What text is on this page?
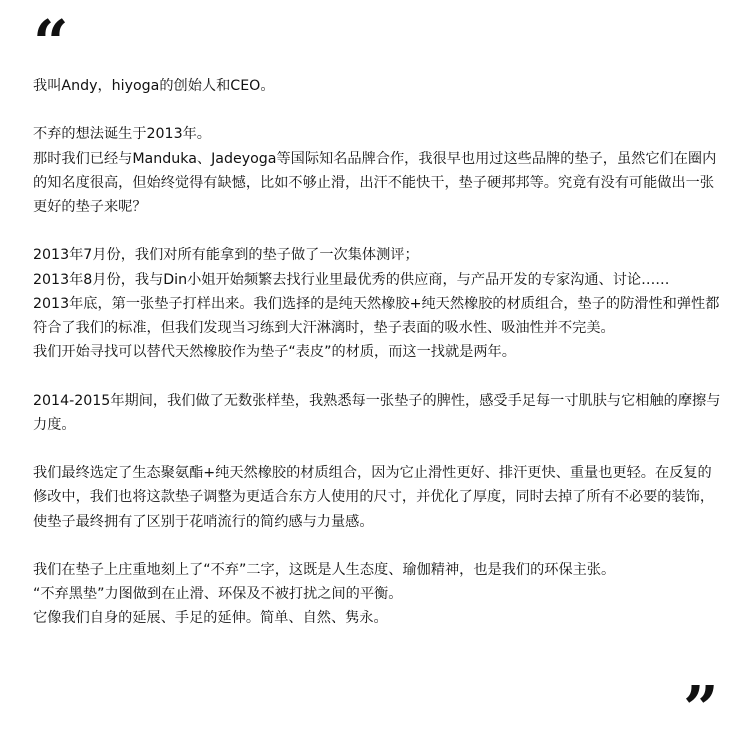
“

我叫Andy，hiyoga的创始人和CEO。

不弃的想法诞生于2013年。

那时我们已经与Manduka、Jadeyoga等国际知名品牌合作，我很早也用过这些品牌的垫子，虽然它们在圈内的知名度很高，但始终觉得有缺憾，比如不够止滑，出汗不能快干，垫子硬邦邦等。究竟有没有可能做出一张更好的垫子来呢？

2013年7月份，我们对所有能拿到的垫子做了一次集体测评；

2013年8月份，我与Din小姐开始频繁去找行业里最优秀的供应商，与产品开发的专家沟通、讨论……

2013年底，第一张垫子打样出来。我们选择的是纯天然橡胶+纯天然橡胶的材质组合，垫子的防滑性和弹性都符合了我们的标准，但我们发现当习练到大汗淋漓时，垫子表面的吸水性、吸油性并不完美。

我们开始寻找可以替代天然橡胶作为垫子“表皮”的材质，而这一找就是两年。

2014-2015年期间，我们做了无数张样垫，我熟悉每一张垫子的脾性，感受手足每一寸肌肤与它相触的摩擦与力度。

我们最终选定了生态聚氨酯+纯天然橡胶的材质组合，因为它止滑性更好、排汗更快、重量也更轻。在反复的修改中，我们也将这款垫子调整为更适合东方人使用的尺寸，并优化了厚度，同时去掉了所有不必要的装饰，使垫子最终拥有了区别于花哨流行的简约感与力量感。

我们在垫子上庄重地刻上了“不弃”二字，这既是人生态度、瑜伽精神，也是我们的环保主张。

“不弃黑垫”力图做到在止滑、环保及不被打扰之间的平衡。

它像我们自身的延展、手足的延伸。简单、自然、隽永。

”
